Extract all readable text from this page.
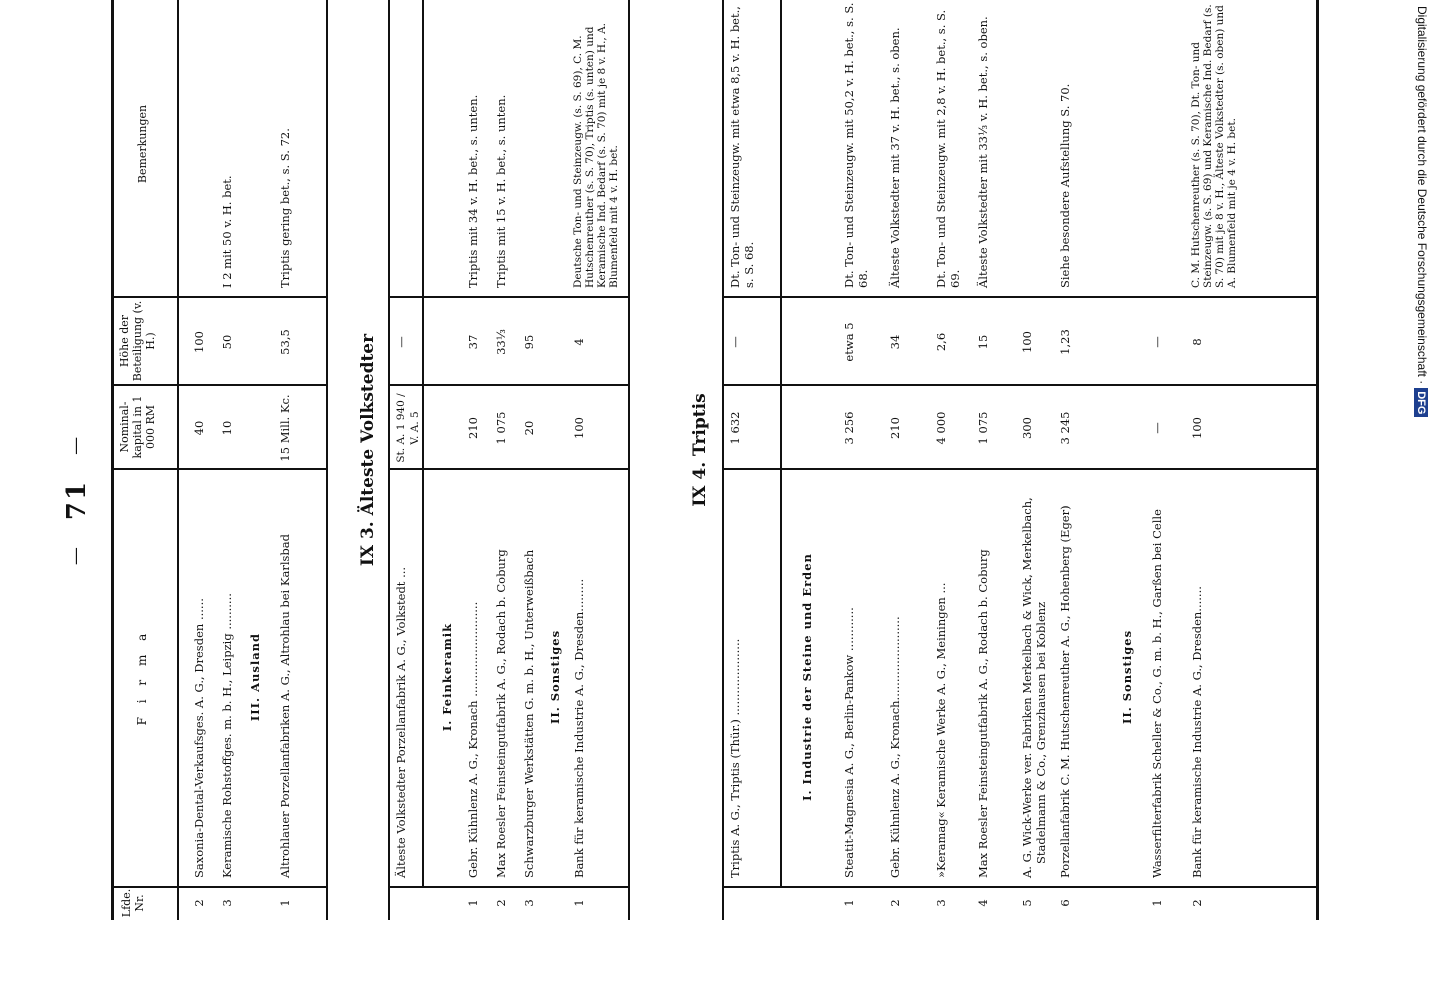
— 71 —
Lfde. Nr.
F i r m a
Nominal-kapital in 1 000 RM
Höhe der Beteiligung (v. H.)
Bemerkungen
2
Saxonia-Dental-Verkaufsges. A. G., Dresden ......
40
100
3
Keramische Rohstoffges. m. b. H., Leipzig ..........
10
50
I 2 mit 50 v. H. bet.
III. Ausland
1
Altrohlauer Porzellanfabriken A. G., Altrohlau bei Karlsbad
15 Mill. Kc.
53,5
Triptis gering bet., s. S. 72.
IX 3. Älteste Volkstedter
Älteste Volkstedter Porzellanfabrik A. G., Volkstedt ...
St. A. 1 940 / V. A. 5
—
I. Feinkeramik
1
Gebr. Kühnlenz A. G., Kronach ..........................
210
37
Triptis mit 34 v. H. bet., s. unten.
2
Max Roesler Feinsteingutfabrik A. G., Rodach b. Coburg
1 075
33⅓
Triptis mit 15 v. H. bet., s. unten.
3
Schwarzburger Werkstätten G. m. b. H., Unterweißbach
20
95
II. Sonstiges
1
Bank für keramische Industrie A. G., Dresden.........
100
4
Deutsche Ton- und Steinzeugw. (s. S. 69), C. M. Hutschenreuther (s. S. 70), Triptis (s. unten) und Keramische Ind. Bedarf (s. S. 70) mit je 8 v. H., A. Blumenfeld mit 4 v. H. bet.
IX 4. Triptis
Triptis A. G., Triptis (Thür.) .....................
1 632
—
Dt. Ton- und Steinzeugw. mit etwa 8,5 v. H. bet., s. S. 68.
I. Industrie der Steine und Erden
1
Steatit-Magnesia A. G., Berlin-Pankow ............
3 256
etwa 5
Dt. Ton- und Steinzeugw. mit 50,2 v. H. bet., s. S. 68.
2
Gebr. Kühnlenz A. G., Kronach.......................
210
34
Älteste Volkstedter mit 37 v. H. bet., s. oben.
3
»Keramag« Keramische Werke A. G., Meiningen ...
4 000
2,6
Dt. Ton- und Steinzeugw. mit 2,8 v. H. bet., s. S. 69.
4
Max Roesler Feinsteingutfabrik A. G., Rodach b. Coburg
1 075
15
Älteste Volkstedter mit 33⅓ v. H. bet., s. oben.
5
A. G. Wick-Werke ver. Fabriken Merkelbach & Wick, Merkelbach, Stadelmann & Co., Grenzhausen bei Koblenz
300
100
6
Porzellanfabrik C. M. Hutschenreuther A. G., Hohenberg (Eger)
3 245
1,23
Siehe besondere Aufstellung S. 70.
II. Sonstiges
1
Wasserfilterfabrik Scheller & Co., G. m. b. H., Garßen bei Celle
—
—
2
Bank für keramische Industrie A. G., Dresden.......
100
8
C. M. Hutschenreuther (s. S. 70), Dt. Ton- und Steinzeugw. (s. S. 69) und Keramische Ind. Bedarf (s. S. 70) mit je 8 v. H., Älteste Volkstedter (s. oben) und A. Blumenfeld mit je 4 v. H. bet.	Digitalisierung gefördert durch die Deutsche Forschungsgemeinschaft ·DFG
